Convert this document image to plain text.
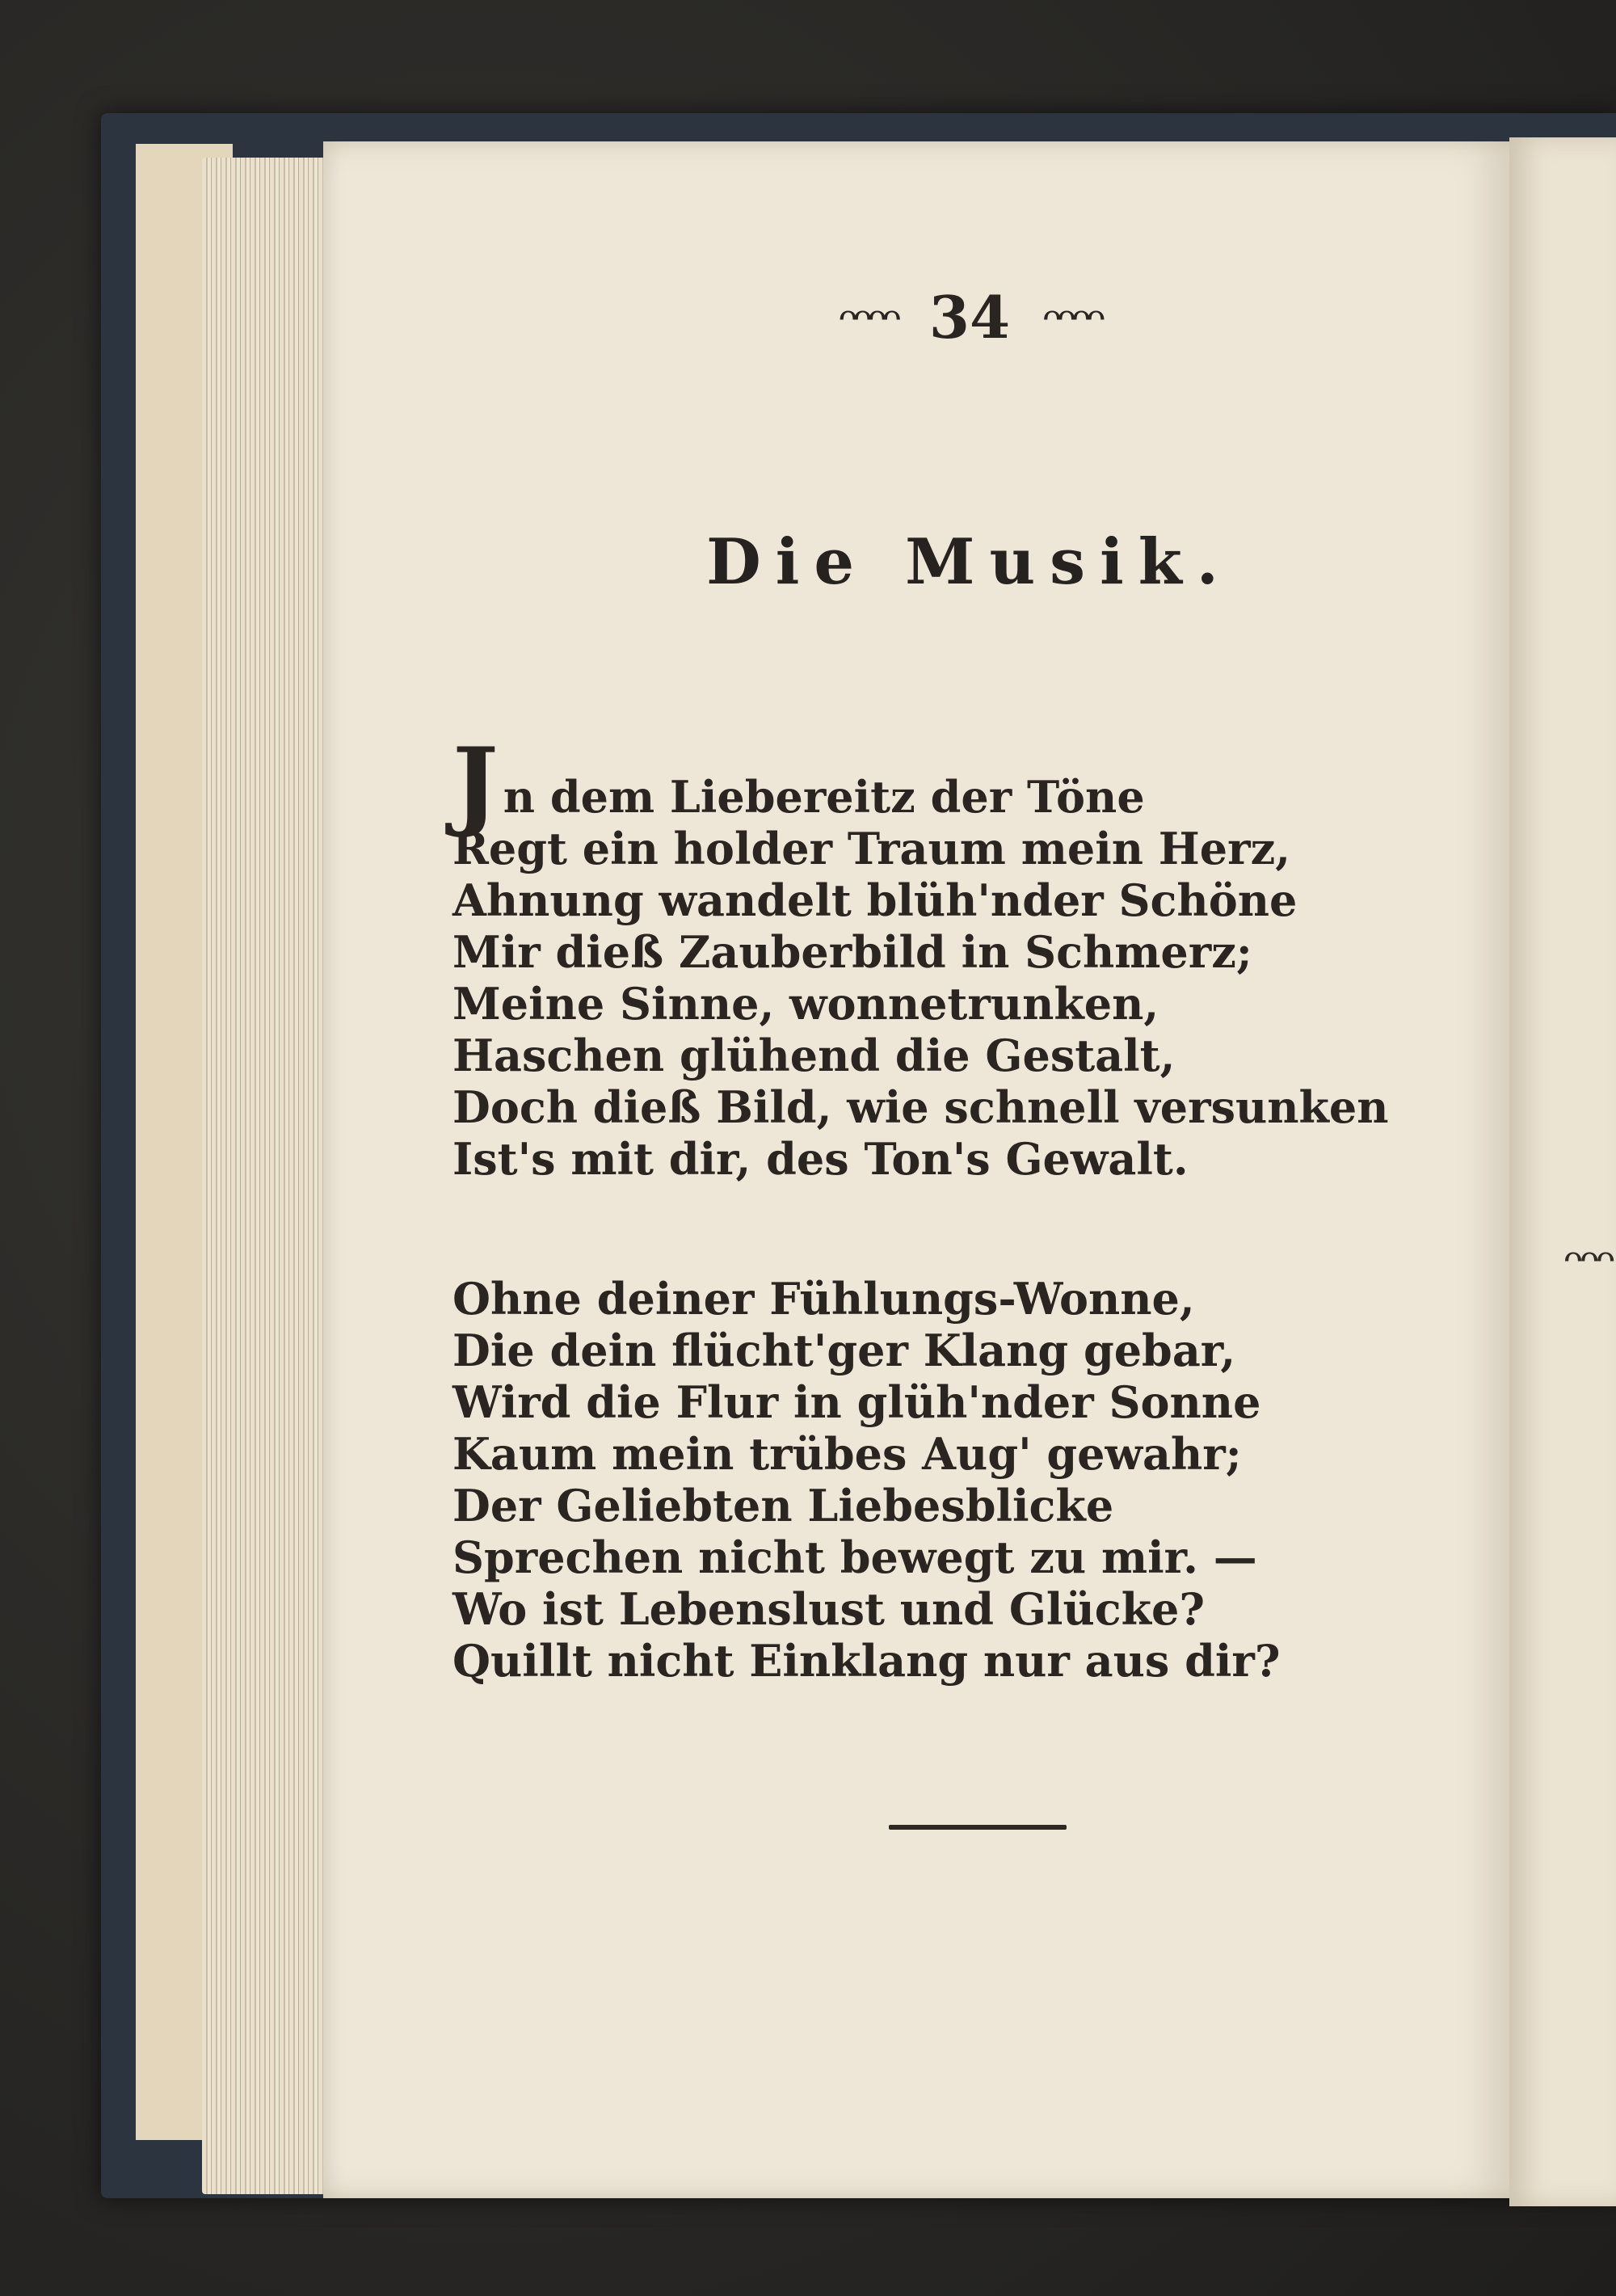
ᴖᴖᴖ
ᴖᴖᴖᴖ 34 ᴖᴖᴖᴖ
Die Musik.
Jn dem Liebereitz der Töne
Regt ein holder Traum mein Herz,
Ahnung wandelt blüh'nder Schöne
Mir dieß Zauberbild in Schmerz;
Meine Sinne, wonnetrunken,
Haschen glühend die Gestalt,
Doch dieß Bild, wie schnell versunken
Ist's mit dir, des Ton's Gewalt.
Ohne deiner Fühlungs-Wonne,
Die dein flücht'ger Klang gebar,
Wird die Flur in glüh'nder Sonne
Kaum mein trübes Aug' gewahr;
Der Geliebten Liebesblicke
Sprechen nicht bewegt zu mir. —
Wo ist Lebenslust und Glücke?
Quillt nicht Einklang nur aus dir?
